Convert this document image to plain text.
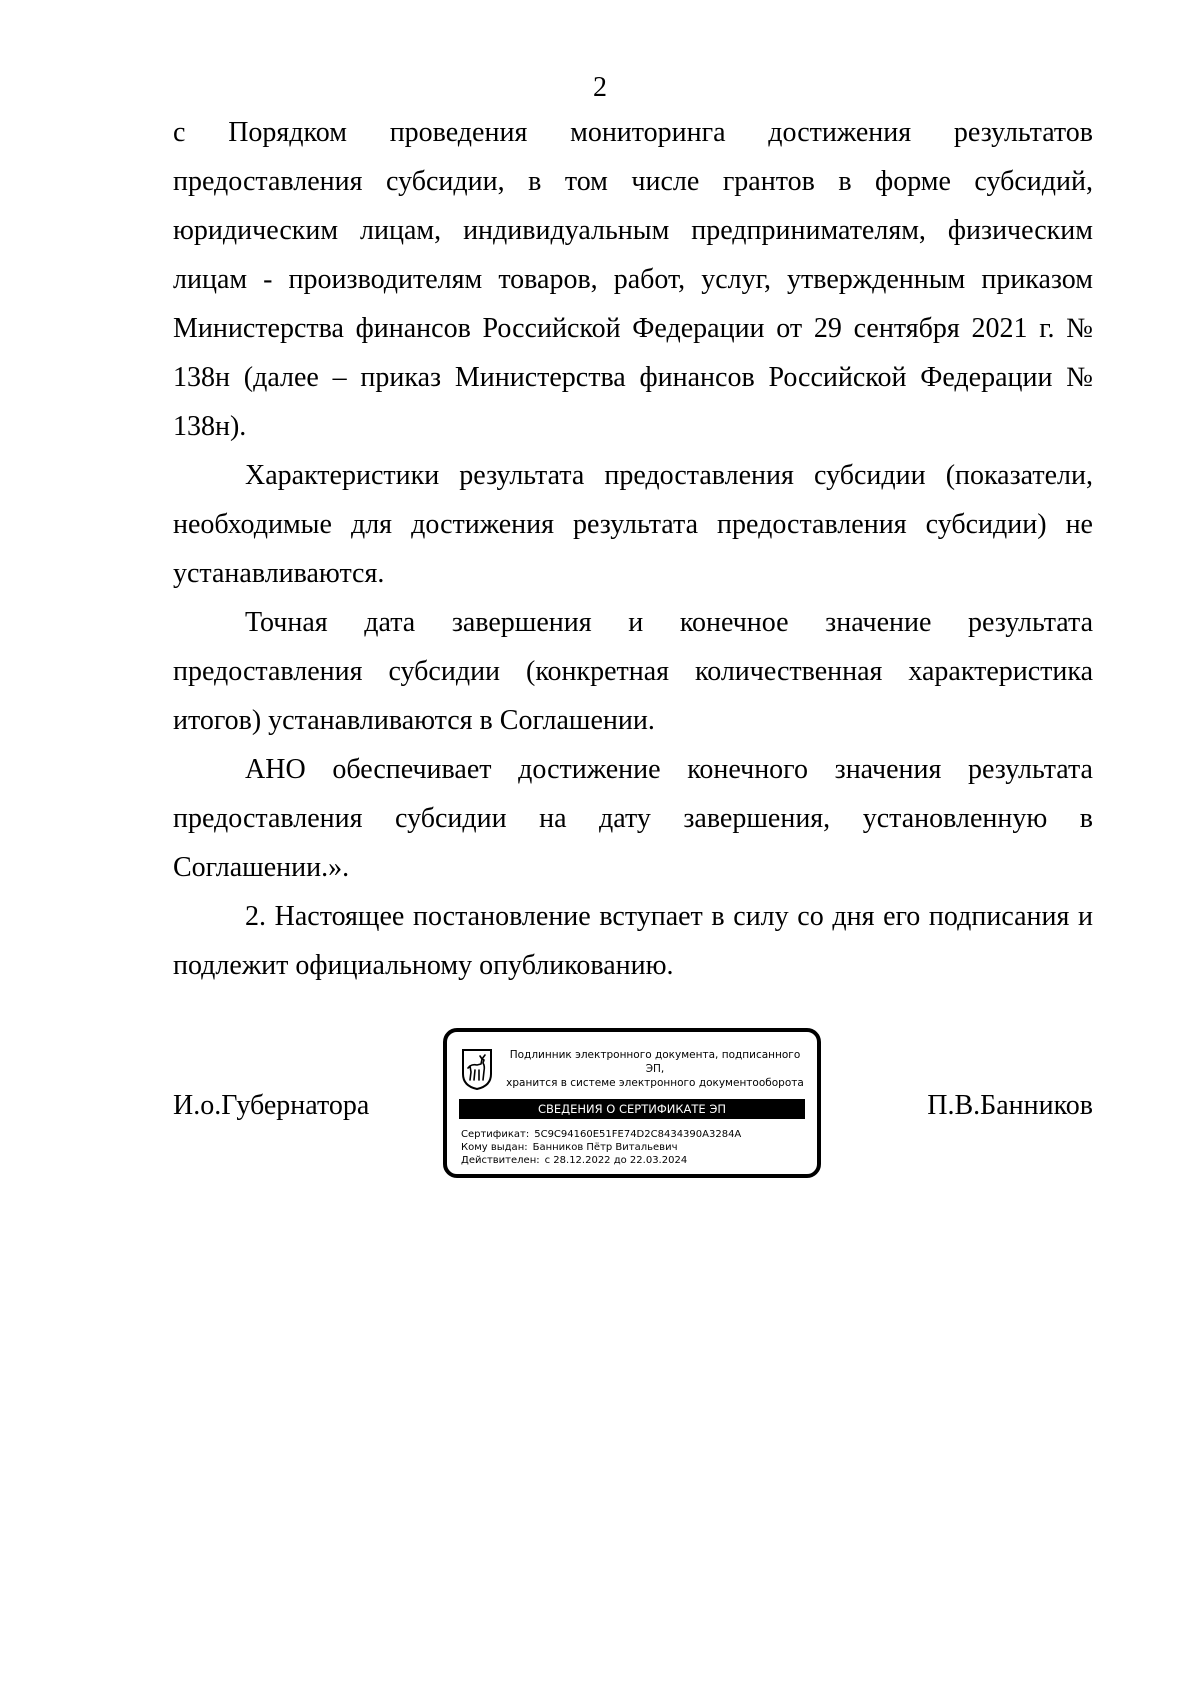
2

с Порядком проведения мониторинга достижения результатов предоставления субсидии, в том числе грантов в форме субсидий, юридическим лицам, индивидуальным предпринимателям, физическим лицам - производителям товаров, работ, услуг, утвержденным приказом Министерства финансов Российской Федерации от 29 сентября 2021 г. № 138н (далее – приказ Министерства финансов Российской Федерации № 138н).

Характеристики результата предоставления субсидии (показатели, необходимые для достижения результата предоставления субсидии) не устанавливаются.

Точная дата завершения и конечное значение результата предоставления субсидии (конкретная количественная характеристика итогов) устанавливаются в Соглашении.

АНО обеспечивает достижение конечного значения результата предоставления субсидии на дату завершения, установленную в Соглашении.».

2. Настоящее постановление вступает в силу со дня его подписания и подлежит официальному опубликованию.

И.о.Губернатора
Подлинник электронного документа, подписанного ЭП,
хранится в системе электронного документооборота
СВЕДЕНИЯ О СЕРТИФИКАТЕ ЭП
Сертификат: 5C9C94160E51FE74D2C8434390A3284A
Кому выдан: Банников Пётр Витальевич
Действителен: с 28.12.2022 до 22.03.2024
П.В.Банников
